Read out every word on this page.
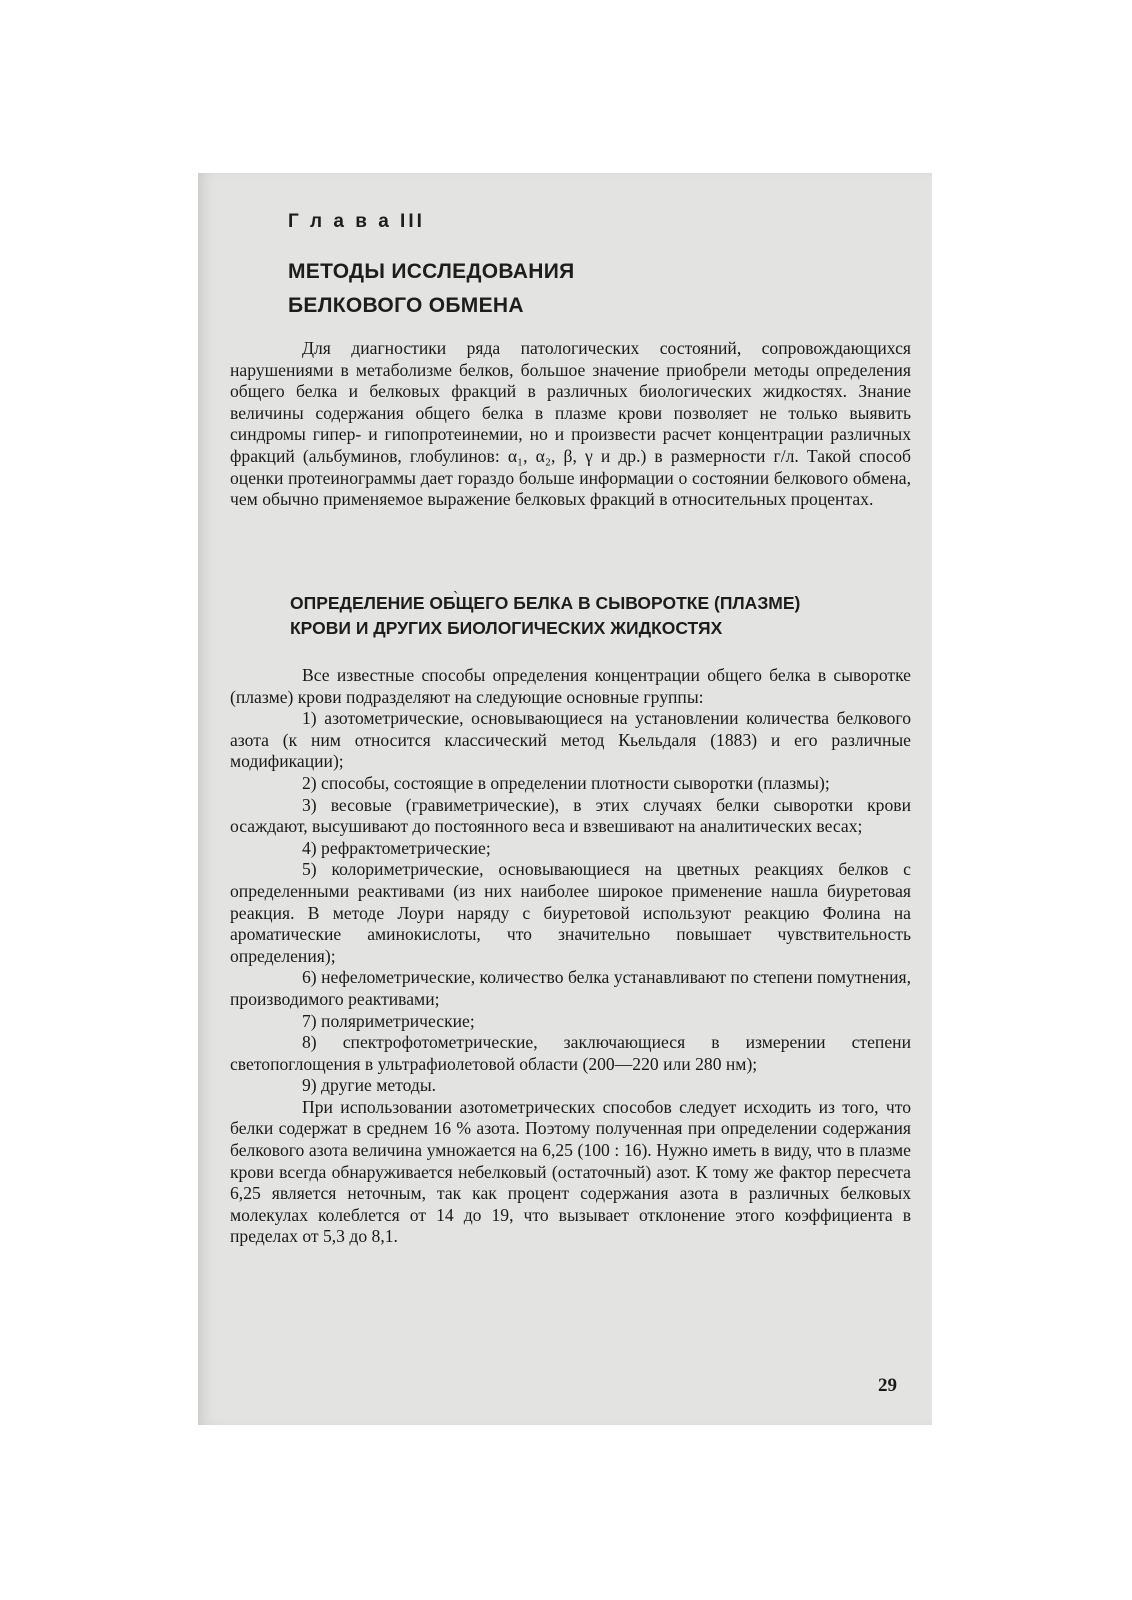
Г л а в а III
МЕТОДЫ ИССЛЕДОВАНИЯ
БЕЛКОВОГО ОБМЕНА

Для диагностики ряда патологических состояний, сопровождающихся нарушениями в метаболизме белков, большое значение приобрели методы определения общего белка и белковых фракций в различных биологических жидкостях. Знание величины содержания общего белка в плазме крови позволяет не только выявить синдромы гипер- и гипопротеинемии, но и произвести расчет концентрации различных фракций (альбуминов, глобулинов: α₁, α₂, β, γ и др.) в размерности г/л. Такой способ оценки протеинограммы дает гораздо больше информации о состоянии белкового обмена, чем обычно применяемое выражение белковых фракций в относительных процентах.

ˏ
ОПРЕДЕЛЕНИЕ ОБЩЕГО БЕЛКА В СЫВОРОТКЕ (ПЛАЗМЕ)
КРОВИ И ДРУГИХ БИОЛОГИЧЕСКИХ ЖИДКОСТЯХ

Все известные способы определения концентрации общего белка в сыворотке (плазме) крови подразделяют на следующие основные группы:

1) азотометрические, основывающиеся на установлении количества белкового азота (к ним относится классический метод Кьельдаля (1883) и его различные модификации);

2) способы, состоящие в определении плотности сыворотки (плазмы);

3) весовые (гравиметрические), в этих случаях белки сыворотки крови осаждают, высушивают до постоянного веса и взвешивают на аналитических весах;

4) рефрактометрические;

5) колориметрические, основывающиеся на цветных реакциях белков с определенными реактивами (из них наиболее широкое применение нашла биуретовая реакция. В методе Лоури наряду с биуретовой используют реакцию Фолина на ароматические аминокислоты, что значительно повышает чувствительность определения);

6) нефелометрические, количество белка устанавливают по степени помутнения, производимого реактивами;

7) поляриметрические;

8) спектрофотометрические, заключающиеся в измерении степени светопоглощения в ультрафиолетовой области (200—220 или 280 нм);

9) другие методы.

При использовании азотометрических способов следует исходить из того, что белки содержат в среднем 16 % азота. Поэтому полученная при определении содержания белкового азота величина умножается на 6,25 (100 : 16). Нужно иметь в виду, что в плазме крови всегда обнаруживается небелковый (остаточный) азот. К тому же фактор пересчета 6,25 является неточным, так как процент содержания азота в различных белковых молекулах колеблется от 14 до 19, что вызывает отклонение этого коэффициента в пределах от 5,3 до 8,1.

29
